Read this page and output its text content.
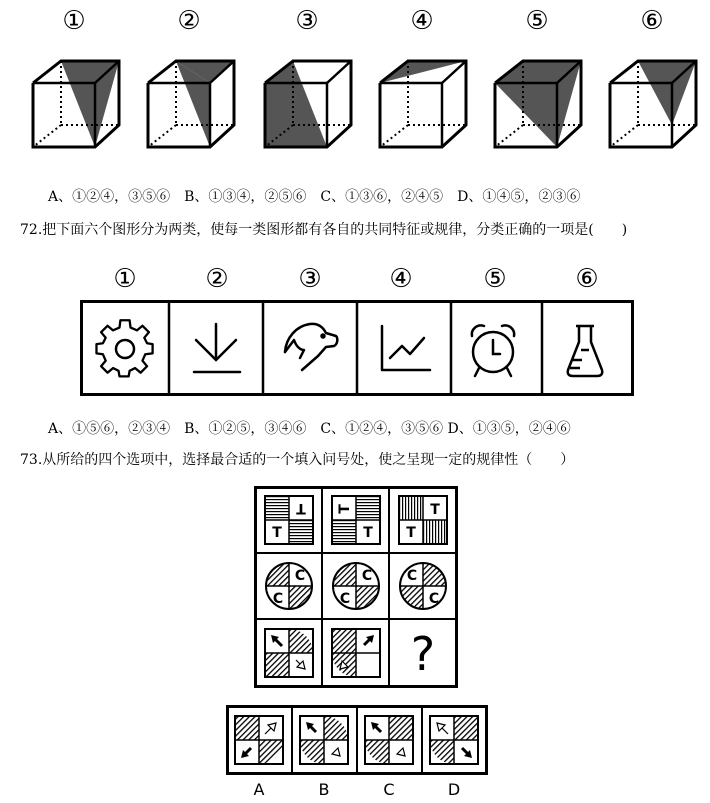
①	②	③	④	⑤	⑥
A、①②④，③⑤⑥　B、①③④，②⑤⑥　C、①③⑥，②④⑤　D、①④⑤，②③⑥
72.把下面六个图形分为两类，使每一类图形都有各自的共同特征或规律，分类正确的一项是(　　)
①	②	③	④	⑤	⑥
A、①⑤⑥，②③④　B、①②⑤，③④⑥　C、①②④，③⑤⑥ D、①③⑤，②④⑥
73.从所给的四个选项中，选择最合适的一个填入问号处，使之呈现一定的规律性（　　）
T
T
T
T
T
T
C
C	C
C
C
C
?
A	B	C	D
